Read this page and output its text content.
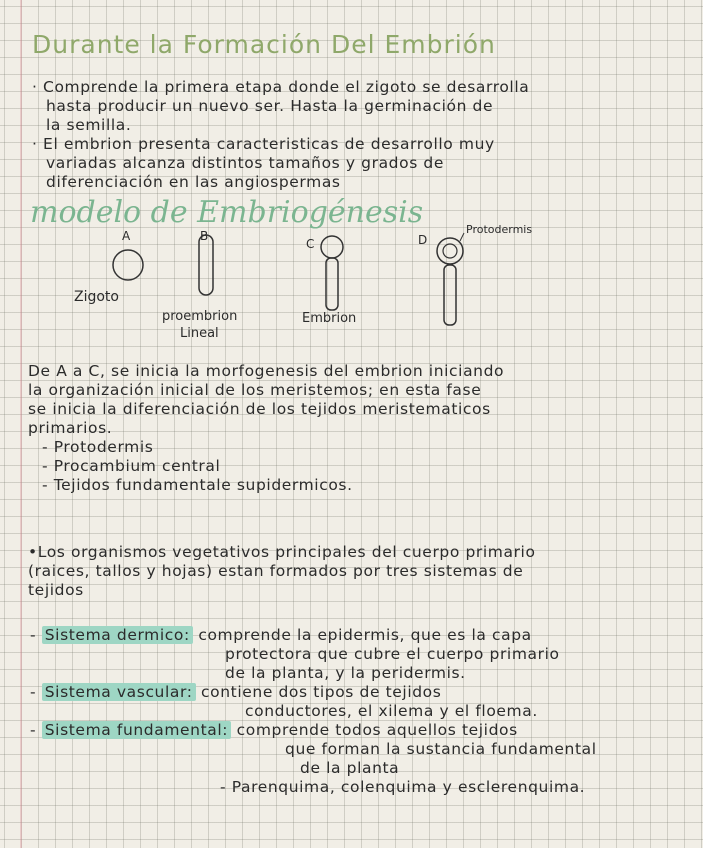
Durante la Formación Del Embrión
· Comprende la primera etapa donde el zigoto se desarrolla
hasta producir un nuevo ser. Hasta la germinación de
la semilla.
· El embrion presenta caracteristicas de desarrollo muy
variadas alcanza distintos tamaños y grados de
diferenciación en las angiospermas
modelo de Embriogénesis
A	B
C	D
Protodermis
Zigoto
proembrion
Lineal
Embrion
De A a C, se inicia la morfogenesis del embrion iniciando
la organización inicial de los meristemos; en esta fase
se inicia la diferenciación de los tejidos meristematicos
primarios.
- Protodermis
- Procambium central
- Tejidos fundamentale supidermicos.
•Los organismos vegetativos principales del cuerpo primario
(raices, tallos y hojas) estan formados por tres sistemas de
tejidos
- Sistema dermico: comprende la epidermis, que es la capa
protectora que cubre el cuerpo primario
de la planta, y la peridermis.
- Sistema vascular: contiene dos tipos de tejidos
conductores, el xilema y el floema.
- Sistema fundamental: comprende todos aquellos tejidos
que forman la sustancia fundamental
de la planta
- Parenquima, colenquima y esclerenquima.
